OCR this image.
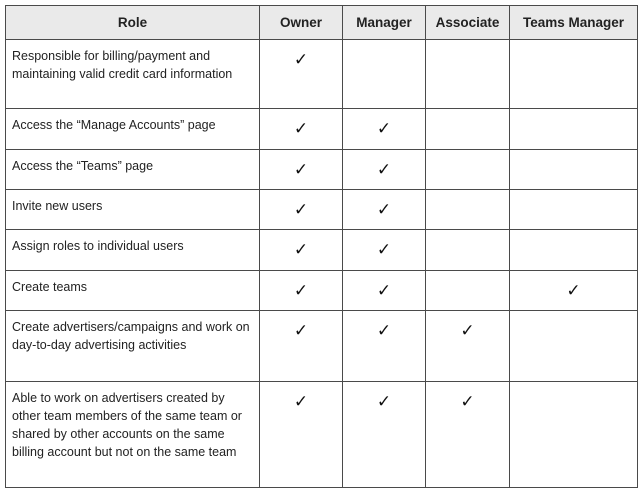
Role	Owner	Manager	Associate	Teams Manager
Responsible for billing/payment and maintaining valid credit card information	✓			
Access the “Manage Accounts” page	✓	✓		
Access the “Teams” page	✓	✓		
Invite new users	✓	✓		
Assign roles to individual users	✓	✓		
Create teams	✓	✓		✓
Create advertisers/campaigns and work on day-to-day advertising activities	✓	✓	✓	
Able to work on advertisers created by other team members of the same team or shared by other accounts on the same billing account but not on the same team	✓	✓	✓	
